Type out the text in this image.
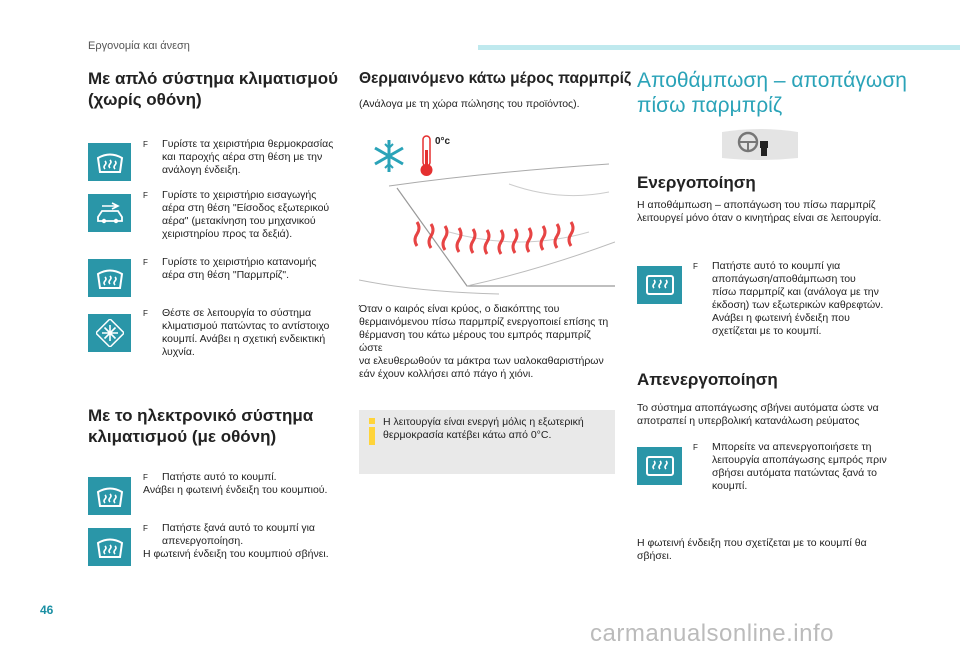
Εργονομία και άνεση
Με απλό σύστημα κλιματισμού
(χωρίς οθόνη)
F	Γυρίστε τα χειριστήρια θερμοκρασίας
και παροχής αέρα στη θέση με την
ανάλογη ένδειξη.
F	Γυρίστε το χειριστήριο εισαγωγής
αέρα στη θέση "Είσοδος εξωτερικού
αέρα" (μετακίνηση του μηχανικού
χειριστηρίου προς τα δεξιά).
F	Γυρίστε το χειριστήριο κατανομής
αέρα στη θέση "Παρμπρίζ".
F	Θέστε σε λειτουργία το σύστημα
κλιματισμού πατώντας το αντίστοιχο
κουμπί. Ανάβει η σχετική ενδεικτική
λυχνία.
Με το ηλεκτρονικό σύστημα
κλιματισμού (με οθόνη)
F	Πατήστε αυτό το κουμπί.
Ανάβει η φωτεινή ένδειξη του κουμπιού.
F	Πατήστε ξανά αυτό το κουμπί για
απενεργοποίηση.
Η φωτεινή ένδειξη του κουμπιού σβήνει.
Θερμαινόμενο κάτω μέρος παρμπρίζ
(Ανάλογα με τη χώρα πώλησης του προϊόντος).
0°c
Όταν ο καιρός είναι κρύος, ο διακόπτης του
θερμαινόμενου πίσω παρμπρίζ ενεργοποιεί επίσης τη
θέρμανση του κάτω μέρους του εμπρός παρμπρίζ ώστε
να ελευθερωθούν τα μάκτρα των υαλοκαθαριστήρων
εάν έχουν κολλήσει από πάγο ή χιόνι.
Η λειτουργία είναι ενεργή μόλις η εξωτερική
θερμοκρασία κατέβει κάτω από 0°C.
Αποθάμπωση – αποπάγωση
πίσω παρμπρίζ
Ενεργοποίηση
Η αποθάμπωση – αποπάγωση του πίσω παρμπρίζ
λειτουργεί μόνο όταν ο κινητήρας είναι σε λειτουργία.
F	Πατήστε αυτό το κουμπί για
αποπάγωση/αποθάμπωση του
πίσω παρμπρίζ και (ανάλογα με την
έκδοση) των εξωτερικών καθρεφτών.
Ανάβει η φωτεινή ένδειξη που
σχετίζεται με το κουμπί.
Απενεργοποίηση
Το σύστημα αποπάγωσης σβήνει αυτόματα ώστε να
αποτραπεί η υπερβολική κατανάλωση ρεύματος
F	Μπορείτε να απενεργοποιήσετε τη
λειτουργία αποπάγωσης εμπρός πριν
σβήσει αυτόματα πατώντας ξανά το
κουμπί.
Η φωτεινή ένδειξη που σχετίζεται με το κουμπί θα
σβήσει.
46
carmanualsonline.info
